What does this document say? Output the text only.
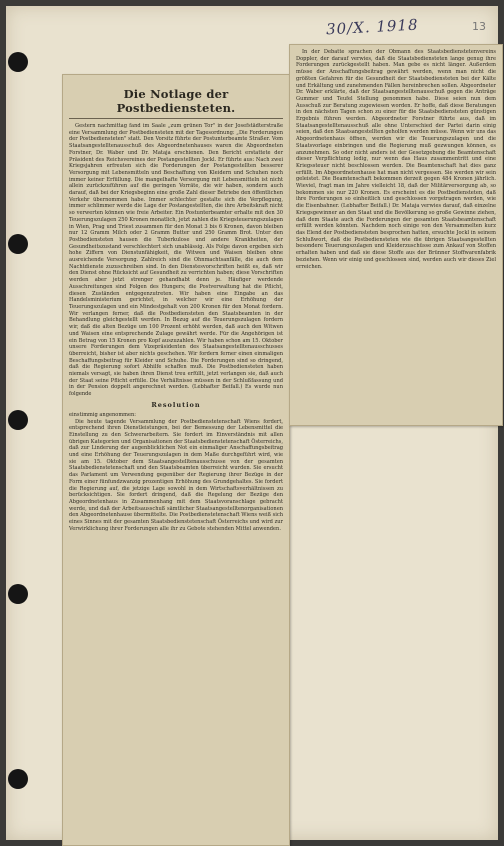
30/X. 1918	13
Die Notlage der Postbediensteten.

Gestern nachmittag fand im Saale „zum grünen Tor" in der Josefstädterstraße eine Versammlung der Postbediensteten mit der Tagesordnung: „Die Forderungen der Postbediensteten" statt. Den Vorsitz führte der Postunterbeamte Straßer. Vom Staatsangestelltenausschuß des Abgeordnetenhauses waren die Abgeordneten Forstner, Dr. Waber und Dr. Mataja erschienen. Den Bericht erstattete der Präsident des Reichsvereines der Postangestellten Jockl. Er führte aus: Nach zwei Kriegsjahren erfreuten sich die Forderungen der Postangestellten besserer Versorgung mit Lebensmitteln und Beschaffung von Kleidern und Schuhen noch immer keiner Erfüllung. Die mangelhafte Versorgung mit Lebensmitteln ist nicht allein zurückzuführen auf die geringen Vorräte, die wir haben, sondern auch darauf, daß bei der Kriegsbeginn eine große Zahl dieser Betriebe den öffentlichen Verkehr übernommen habe. Immer schlechter gestalte sich die Verpflegung, immer schlimmer werde die Lage der Postangestellten, die ihre Arbeitskraft nicht so verwerten können wie freie Arbeiter. Ein Postunterbeamter erhalte mit den 30 Teuerungszulagen 250 Kronen monatlich, jetzt zahlen die Kriegsteuerungszulagen in Wien, Prag und Triest zusammen für den Monat 3 bis 6 Kronen, davon bleiben nur 12 Gramm Milch oder 2 Gramm Butter und 250 Gramm Brot. Unter den Postbediensteten hausen die Tuberkulose und andere Krankheiten, der Gesundheitszustand verschlechtert sich unablässig. Als Folge davon ergeben sich hohe Ziffern von Dienstunfähigkeit, die Witwen und Waisen bleiben ohne ausreichende Versorgung. Zahlreich sind die Ohnmachtsanfälle, die auch dem Nachtdienste zuzuschreiben sind. In den Dienstesvorschriften heißt es, daß wir den Dienst ohne Rücksicht auf Gesundheit zu verrichten haben; diese Vorschriften werden aber jetzt strenger gehandhabt denn je. Häufiger werdende Ausschreitungen sind Folgen des Hungers; die Postverwaltung hat die Pflicht, diesen Zuständen entgegenzutreten. Wir haben eine Eingabe an das Handelsministerium gerichtet, in welcher wir eine Erhöhung der Teuerungszulagen und ein Mindestgehalt von 200 Kronen für den Monat fordern. Wir verlangen ferner, daß die Postbediensteten den Staatsbeamten in der Behandlung gleichgestellt werden. In Bezug auf die Teuerungszulagen fordern wir, daß die alten Bezüge um 100 Prozent erhöht werden, daß auch den Witwen und Waisen eine entsprechende Zulage gewährt werde. Für die Angehörigen ist ein Betrag von 15 Kronen pro Kopf auszuzahlen. Wir haben schon am 15. Oktober unsere Forderungen dem Vizepräsidenten des Staatsangestelltenausschusses überreicht, bisher ist aber nichts geschehen. Wir fordern ferner einen einmaligen Beschaffungsbeitrag für Kleider und Schuhe. Die Forderungen sind so dringend, daß die Regierung sofort Abhilfe schaffen muß. Die Postbediensteten haben niemals versagt, sie haben ihren Dienst treu erfüllt, jetzt verlangen sie, daß auch der Staat seine Pflicht erfülle. Die Verhältnisse müssen in der Schlußfassung und in der Pension doppelt angerechnet werden. (Lebhafter Beifall.) Es wurde nun folgende

Resolution

einstimmig angenommen:

Die heute tagende Versammlung der Postbedienstetenschaft Wiens fordert, entsprechend ihren Dienstleistungen, bei der Bemessung der Lebensmittel die Einstellung zu den Schwerarbeitern. Sie fordert im Einverständnis mit allen übrigen Kategorien und Organisationen der Staatsbedienstetenschaft Österreichs, daß zur Linderung der augenblicklichen Not ein einmaliger Anschaffungsbeitrag und eine Erhöhung der Teuerungszulagen in dem Maße durchgeführt wird, wie sie am 15. Oktober dem Staatsangestelltenausschusse von der gesamten Staatsbedienstetenschaft und den Staatsbeamten überreicht wurden. Sie ersucht das Parlament um Verwendung gegenüber der Regierung ihrer Bezüge in der Form einer fünfundzwanzig prozentigen Erhöhung des Grundgehaltes. Sie fordert die Regierung auf, die jetzige Lage sowohl in dem Wirtschaftsverhältnissen zu berücksichtigen. Sie fordert dringend, daß die Regelung der Bezüge den Abgeordnetenhaus in Zusammenhang mit dem Staatsvoranschlage gebracht werde, und daß der Arbeitsausschuß sämtlicher Staatsangestelltenorganisationen den Abgeordnetenhause übermittelte. Die Postbedienstetenschaft Wiens weiß sich eines Sinnes mit der gesamten Staatsbedienstetenschaft Österreichs und wird zur Verwirklichung ihrer Forderungen alle ihr zu Gebote stehenden Mittel anwenden.

In der Debatte sprachen der Obmann des Staatsbedienstetenvereins Doppler, der darauf verwies, daß die Staatsbediensteten lange genug ihre Forderungen zurückgestellt haben. Man gebe es nicht länger. Außerdem müsse der Anschaffungsbeitrag gewährt werden, wenn man nicht die größten Gefahren für die Gesundheit der Staatsbediensteten bei der Kälte und Erkältung und zunehmenden Fällen hereinbrechen sollen. Abgeordneter Dr. Waber erklärte, daß der Staatsangestelltenausschuß gegen die Anträge Gummer und Teufel Stellung genommen habe. Diese seien nun dem Ausschuß zur Beratung zugewiesen worden. Er hoffe, daß diese Beratungen in den nächsten Tagen schon zu einer für die Staatsbediensteten günstigen Ergebnis führen werden. Abgeordneter Forstner führte aus, daß im Staatsangestelltenausschuß alle ohne Unterschied der Partei darin einig seien, daß den Staatsangestellten geholfen werden müsse. Wenn wir uns das Abgeordnetenhaus öffnen, werden wir die Teuerungszulagen und die Staatsvorlage einbringen und die Regierung muß gezwungen können, es anzunehmen. So oder nicht anders ist der Gesetzgebung die Beamtenschaft dieser Verpflichtung ledig, nur wenn das Haus zusammentritt und eine Kriegssteuer nicht beschlossen werden. Die Beamtenschaft hat dies ganz erfüllt. Im Abgeordnetenhause hat man nicht vergessen. Sie werden wir sein geleistet. Die Beamtenschaft bekommen derzeit gegen 484 Kronen jährlich. Wieviel, fragt man im Jahre vielleicht 18, daß der Militärversorgung ab, so bekommen sie nur 220 Kronen. Es erscheint es die Postbediensteten, daß ihre Forderungen so einheitlich und geschlossen vorgetragen werden, wie die Eisenbahner. (Lebhafter Beifall.) Dr. Mataja verwies darauf, daß einzelne Kriegsgewinner an den Staat und die Bevölkerung so große Gewinne ziehen, daß dem Staate auch die Forderungen der gesamten Staatsbeamtenschaft erfüllt werden könnten. Nachdem noch einige von den Versammelten kurz das Elend der Postbediensteten besprochen hatten, ersuchte Jockl in seinem Schlußwort, daß die Postbediensteten wie die übrigen Staatsangestellten besondere Teuerungszulagen und Kleiderzuschüsse zum Ankauf von Stoffen erhalten haben und daß sie diese Stoffe aus der Brünner Stoffwarenfabrik beziehen. Wenn wir einig und geschlossen sind, werden auch wir dieses Ziel erreichen.
